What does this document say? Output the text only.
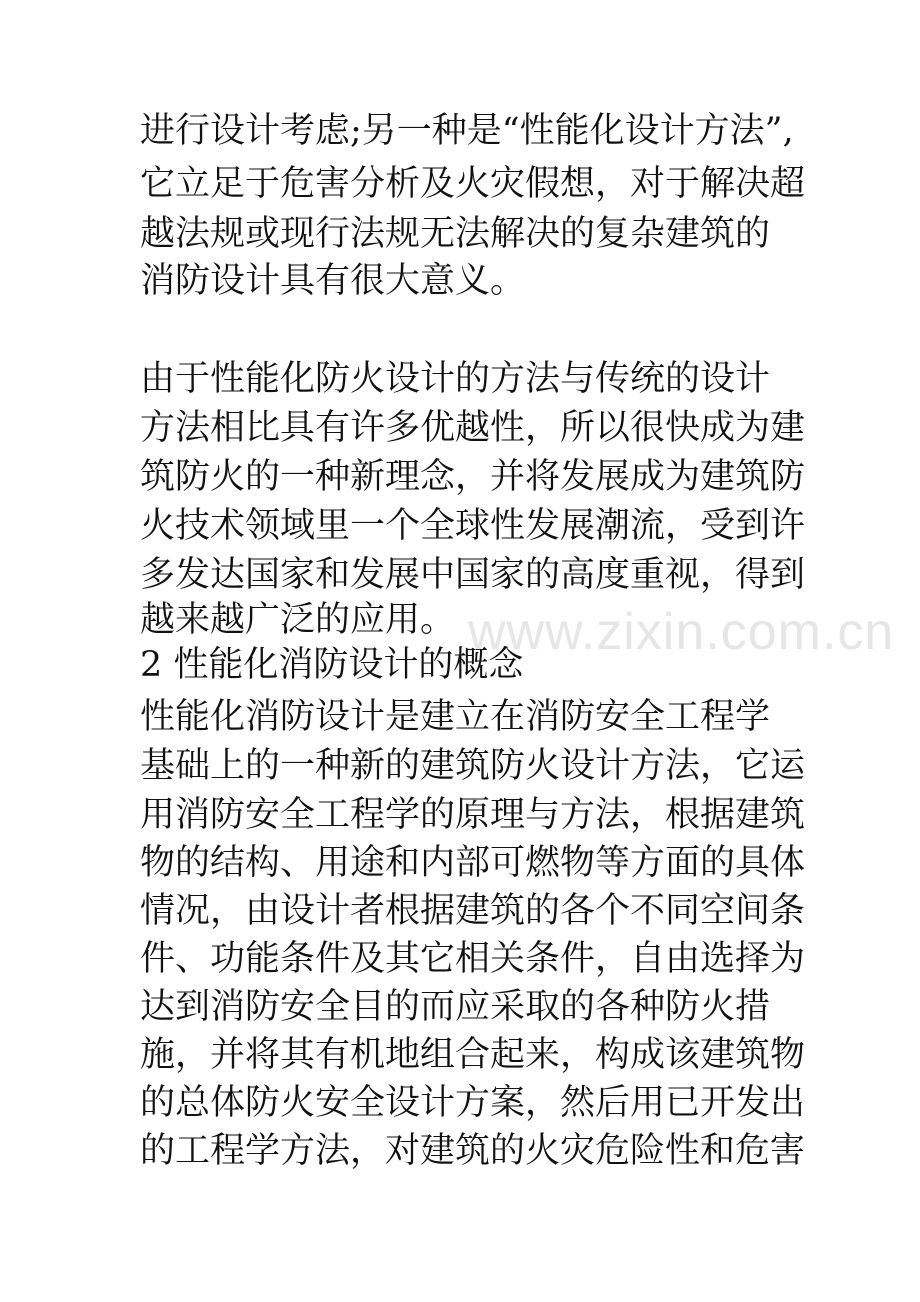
进行设计考虑;另一种是“性能化设计方法”,
它立足于危害分析及火灾假想，对于解决超
越法规或现行法规无法解决的复杂建筑的
消防设计具有很大意义。
由于性能化防火设计的方法与传统的设计
方法相比具有许多优越性，所以很快成为建
筑防火的一种新理念，并将发展成为建筑防
火技术领域里一个全球性发展潮流，受到许
多发达国家和发展中国家的高度重视，得到
越来越广泛的应用。
2 性能化消防设计的概念
性能化消防设计是建立在消防安全工程学
基础上的一种新的建筑防火设计方法，它运
用消防安全工程学的原理与方法，根据建筑
物的结构、用途和内部可燃物等方面的具体
情况，由设计者根据建筑的各个不同空间条
件、功能条件及其它相关条件，自由选择为
达到消防安全目的而应采取的各种防火措
施，并将其有机地组合起来，构成该建筑物
的总体防火安全设计方案，然后用已开发出
的工程学方法，对建筑的火灾危险性和危害
www.zixin.com.cn
